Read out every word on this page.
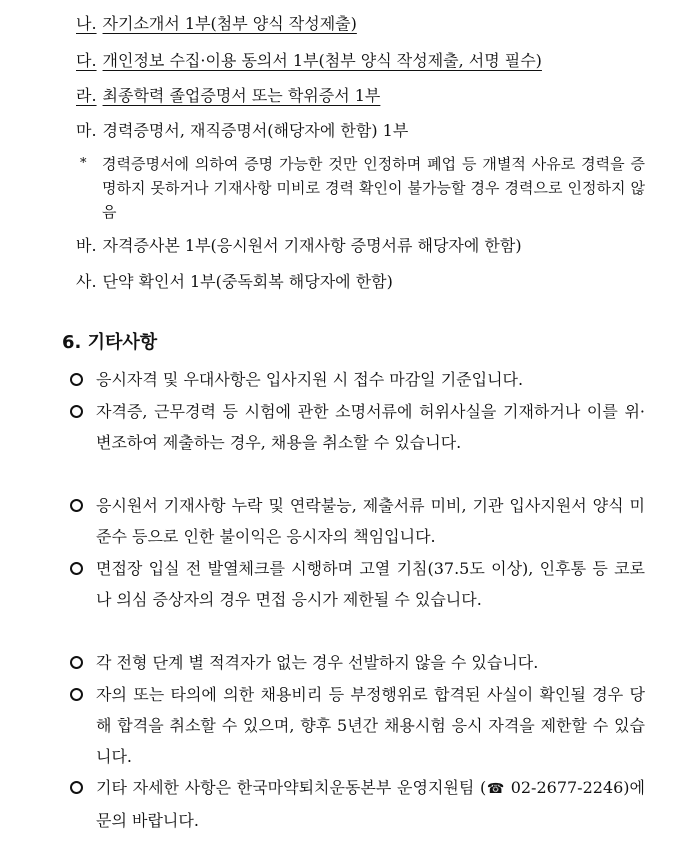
나. 자기소개서 1부(첨부 양식 작성제출)
다. 개인정보 수집·이용 동의서 1부(첨부 양식 작성제출, 서명 필수)
라. 최종학력 졸업증명서 또는 학위증서 1부
마. 경력증명서, 재직증명서(해당자에 한함) 1부
*	경력증명서에 의하여 증명 가능한 것만 인정하며 폐업 등 개별적 사유로 경력을 증명하지 못하거나 기재사항 미비로 경력 확인이 불가능할 경우 경력으로 인정하지 않음
바. 자격증사본 1부(응시원서 기재사항 증명서류 해당자에 한함)
사. 단약 확인서 1부(중독회복 해당자에 한함)
6. 기타사항
응시자격 및 우대사항은 입사지원 시 접수 마감일 기준입니다.
자격증, 근무경력 등 시험에 관한 소명서류에 허위사실을 기재하거나 이를 위·변조하여 제출하는 경우, 채용을 취소할 수 있습니다.
응시원서 기재사항 누락 및 연락불능, 제출서류 미비, 기관 입사지원서 양식 미준수 등으로 인한 불이익은 응시자의 책임입니다.
면접장 입실 전 발열체크를 시행하며 고열 기침(37.5도 이상), 인후통 등 코로나 의심 증상자의 경우 면접 응시가 제한될 수 있습니다.
각 전형 단계 별 적격자가 없는 경우 선발하지 않을 수 있습니다.
자의 또는 타의에 의한 채용비리 등 부정행위로 합격된 사실이 확인될 경우 당해 합격을 취소할 수 있으며, 향후 5년간 채용시험 응시 자격을 제한할 수 있습니다.
기타 자세한 사항은 한국마약퇴치운동본부 운영지원팀 (☎ 02-2677-2246)에 문의 바랍니다.
